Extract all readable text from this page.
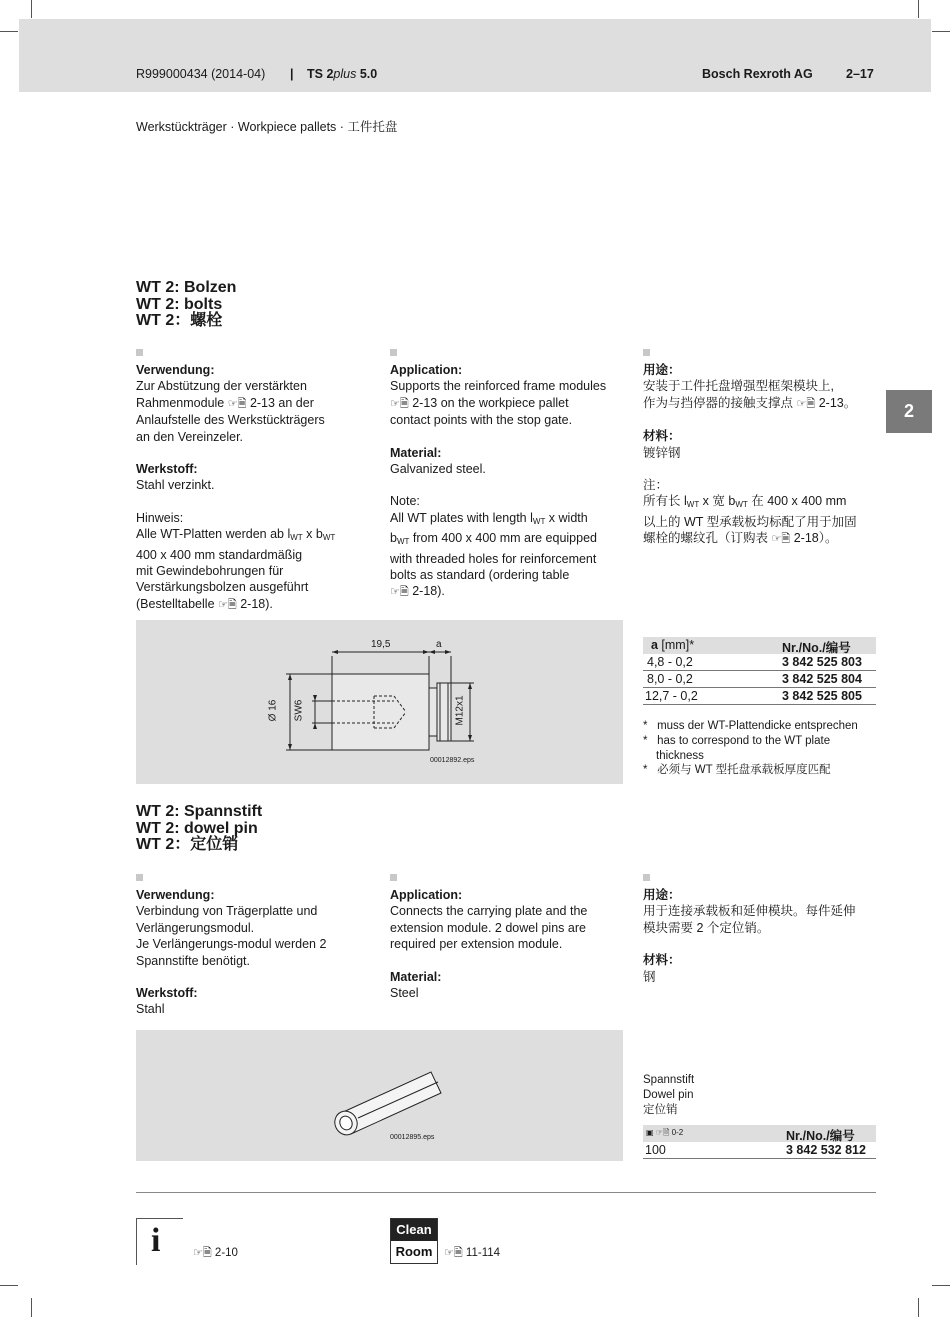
R999000434 (2014-04) | TS 2plus 5.0	Bosch Rexroth AG	2–17
Werkstückträger · Workpiece pallets · 工件托盘
2
WT 2: Bolzen
WT 2: bolts
WT 2：螺栓

Verwendung:

Zur Abstützung der verstärkten

Rahmenmodule ☞🗎 2-13 an der

Anlaufstelle des Werkstückträgers

an den Vereinzeler.

Werkstoff:

Stahl verzinkt.

Hinweis:

Alle WT-Platten werden ab $l_{WT}$ x $b_{WT}$

400 x 400 mm standardmäßig

mit Gewindebohrungen für

Verstärkungsbolzen ausgeführt

(Bestelltabelle ☞🗎 2-18).

Application:

Supports the reinforced frame modules

☞🗎 2-13 on the workpiece pallet

contact points with the stop gate.

Material:

Galvanized steel.

Note:

All WT plates with length $l_{WT}$ x width

$b_{WT}$ from 400 x 400 mm are equipped

with threaded holes for reinforcement

bolts as standard (ordering table

☞🗎 2-18).

用途：

安装于工件托盘增强型框架模块上,

作为与挡停器的接触支撑点 ☞🗎 2-13。

材料：

镀锌钢

注：

所有长 $l_{WT}$ x 宽 $b_{WT}$ 在 400 x 400 mm

以上的 WT 型承载板均标配了用于加固

螺栓的螺纹孔（订购表 ☞🗎 2-18）。

19,5	a
Ø 16 SW6	M12x1
00012892.eps
a [mm]*	Nr./No./编号
4,8 - 0,2	3 842 525 803
8,0 - 0,2	3 842 525 804
12,7 - 0,2	3 842 525 805
* muss der WT-Plattendicke entsprechen
* has to correspond to the WT plate
thickness
* 必须与 WT 型托盘承载板厚度匹配
WT 2: Spannstift
WT 2: dowel pin
WT 2：定位销

Verwendung:

Verbindung von Trägerplatte und

Verlängerungsmodul.

Je Verlängerungs-modul werden 2

Spannstifte benötigt.

Werkstoff:

Stahl

Application:

Connects the carrying plate and the

extension module. 2 dowel pins are

required per extension module.

Material:

Steel

用途：

用于连接承载板和延伸模块。每件延伸

模块需要 2 个定位销。

材料：

钢

00012895.eps
Spannstift
Dowel pin
定位销
▣ ☞🗎 0-2	Nr./No./编号
100	3 842 532 812
i	☞🗎 2-10
Clean
Room	☞🗎 11-114
